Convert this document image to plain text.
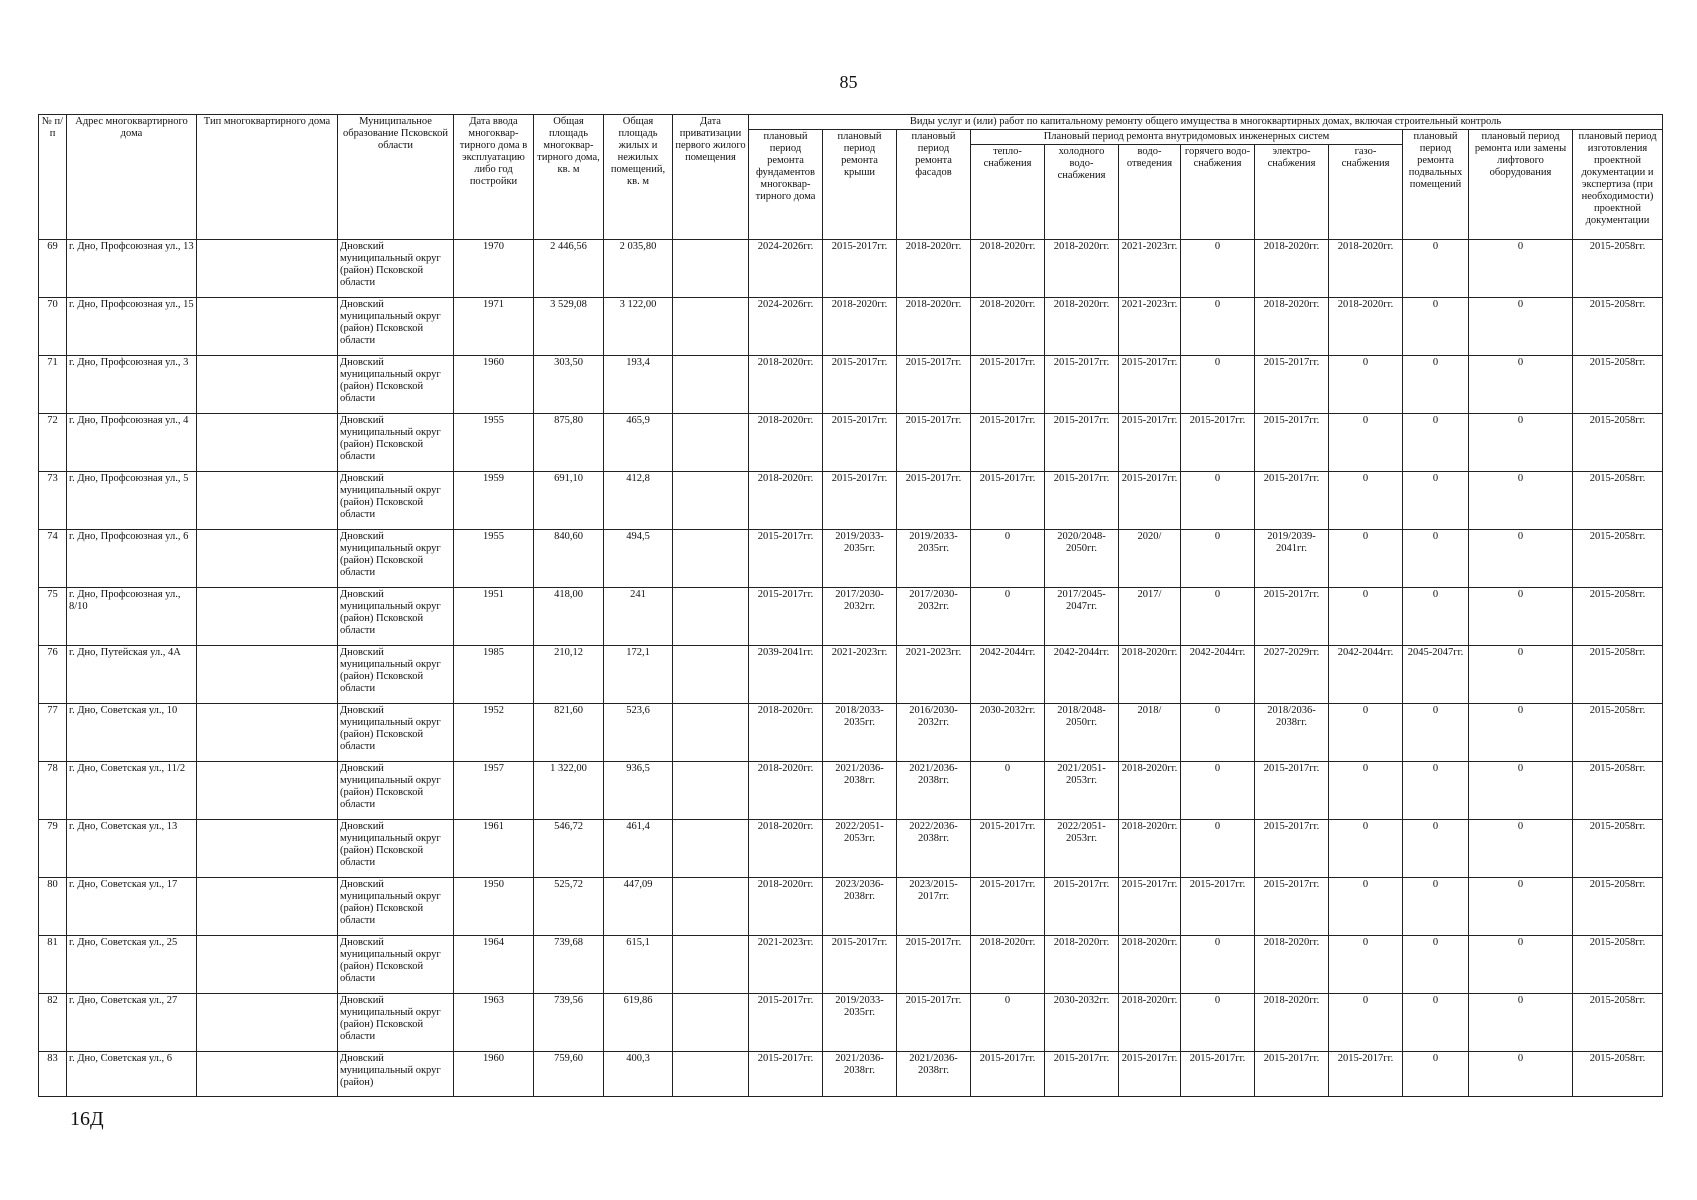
85
№ п/п	Адрес многоквартирного дома	Тип многоквартирного дома	Муниципальное образование Псковской области	Дата ввода многоквар-тирного дома в эксплуатацию либо год постройки	Общая площадь многоквар-тирного дома, кв. м	Общая площадь жилых и нежилых помещений, кв. м	Дата приватизации первого жилого помещения	Виды услуг и (или) работ по капитальному ремонту общего имущества в многоквартирных домах, включая строительный контроль											
								плановый период ремонта фундаментов многоквар-тирного дома	плановый период ремонта крыши	плановый период ремонта фасадов	Плановый период ремонта внутридомовых инженерных систем						плановый период ремонта подвальных помещений	плановый период ремонта или замены лифтового оборудования	плановый период изготовления проектной документации и экспертиза (при необходимости) проектной документации
											тепло-снабжения	холодного водо-снабжения	водо-отведения	горячего водо-снабжения	электро-снабжения	газо-снабжения			
69	г. Дно, Профсоюзная ул., 13		Дновский муниципальный округ (район) Псковской области	1970	2 446,56	2 035,80		2024-2026гг.	2015-2017гг.	2018-2020гг.	2018-2020гг.	2018-2020гг.	2021-2023гг.	0	2018-2020гг.	2018-2020гг.	0	0	2015-2058гг.
70	г. Дно, Профсоюзная ул., 15		Дновский муниципальный округ (район) Псковской области	1971	3 529,08	3 122,00		2024-2026гг.	2018-2020гг.	2018-2020гг.	2018-2020гг.	2018-2020гг.	2021-2023гг.	0	2018-2020гг.	2018-2020гг.	0	0	2015-2058гг.
71	г. Дно, Профсоюзная ул., 3		Дновский муниципальный округ (район) Псковской области	1960	303,50	193,4		2018-2020гг.	2015-2017гг.	2015-2017гг.	2015-2017гг.	2015-2017гг.	2015-2017гг.	0	2015-2017гг.	0	0	0	2015-2058гг.
72	г. Дно, Профсоюзная ул., 4		Дновский муниципальный округ (район) Псковской области	1955	875,80	465,9		2018-2020гг.	2015-2017гг.	2015-2017гг.	2015-2017гг.	2015-2017гг.	2015-2017гг.	2015-2017гг.	2015-2017гг.	0	0	0	2015-2058гг.
73	г. Дно, Профсоюзная ул., 5		Дновский муниципальный округ (район) Псковской области	1959	691,10	412,8		2018-2020гг.	2015-2017гг.	2015-2017гг.	2015-2017гг.	2015-2017гг.	2015-2017гг.	0	2015-2017гг.	0	0	0	2015-2058гг.
74	г. Дно, Профсоюзная ул., 6		Дновский муниципальный округ (район) Псковской области	1955	840,60	494,5		2015-2017гг.	2019/2033-2035гг.	2019/2033-2035гг.	0	2020/2048-2050гг.	2020/	0	2019/2039-2041гг.	0	0	0	2015-2058гг.
75	г. Дно, Профсоюзная ул., 8/10		Дновский муниципальный округ (район) Псковской области	1951	418,00	241		2015-2017гг.	2017/2030-2032гг.	2017/2030-2032гг.	0	2017/2045-2047гг.	2017/	0	2015-2017гг.	0	0	0	2015-2058гг.
76	г. Дно, Путейская ул., 4А		Дновский муниципальный округ (район) Псковской области	1985	210,12	172,1		2039-2041гг.	2021-2023гг.	2021-2023гг.	2042-2044гг.	2042-2044гг.	2018-2020гг.	2042-2044гг.	2027-2029гг.	2042-2044гг.	2045-2047гг.	0	2015-2058гг.
77	г. Дно, Советская ул., 10		Дновский муниципальный округ (район) Псковской области	1952	821,60	523,6		2018-2020гг.	2018/2033-2035гг.	2016/2030-2032гг.	2030-2032гг.	2018/2048-2050гг.	2018/	0	2018/2036-2038гг.	0	0	0	2015-2058гг.
78	г. Дно, Советская ул., 11/2		Дновский муниципальный округ (район) Псковской области	1957	1 322,00	936,5		2018-2020гг.	2021/2036-2038гг.	2021/2036-2038гг.	0	2021/2051-2053гг.	2018-2020гг.	0	2015-2017гг.	0	0	0	2015-2058гг.
79	г. Дно, Советская ул., 13		Дновский муниципальный округ (район) Псковской области	1961	546,72	461,4		2018-2020гг.	2022/2051-2053гг.	2022/2036-2038гг.	2015-2017гг.	2022/2051-2053гг.	2018-2020гг.	0	2015-2017гг.	0	0	0	2015-2058гг.
80	г. Дно, Советская ул., 17		Дновский муниципальный округ (район) Псковской области	1950	525,72	447,09		2018-2020гг.	2023/2036-2038гг.	2023/2015-2017гг.	2015-2017гг.	2015-2017гг.	2015-2017гг.	2015-2017гг.	2015-2017гг.	0	0	0	2015-2058гг.
81	г. Дно, Советская ул., 25		Дновский муниципальный округ (район) Псковской области	1964	739,68	615,1		2021-2023гг.	2015-2017гг.	2015-2017гг.	2018-2020гг.	2018-2020гг.	2018-2020гг.	0	2018-2020гг.	0	0	0	2015-2058гг.
82	г. Дно, Советская ул., 27		Дновский муниципальный округ (район) Псковской области	1963	739,56	619,86		2015-2017гг.	2019/2033-2035гг.	2015-2017гг.	0	2030-2032гг.	2018-2020гг.	0	2018-2020гг.	0	0	0	2015-2058гг.
83	г. Дно, Советская ул., 6		Дновский муниципальный округ (район)	1960	759,60	400,3		2015-2017гг.	2021/2036-2038гг.	2021/2036-2038гг.	2015-2017гг.	2015-2017гг.	2015-2017гг.	2015-2017гг.	2015-2017гг.	2015-2017гг.	0	0	2015-2058гг.
16Д
